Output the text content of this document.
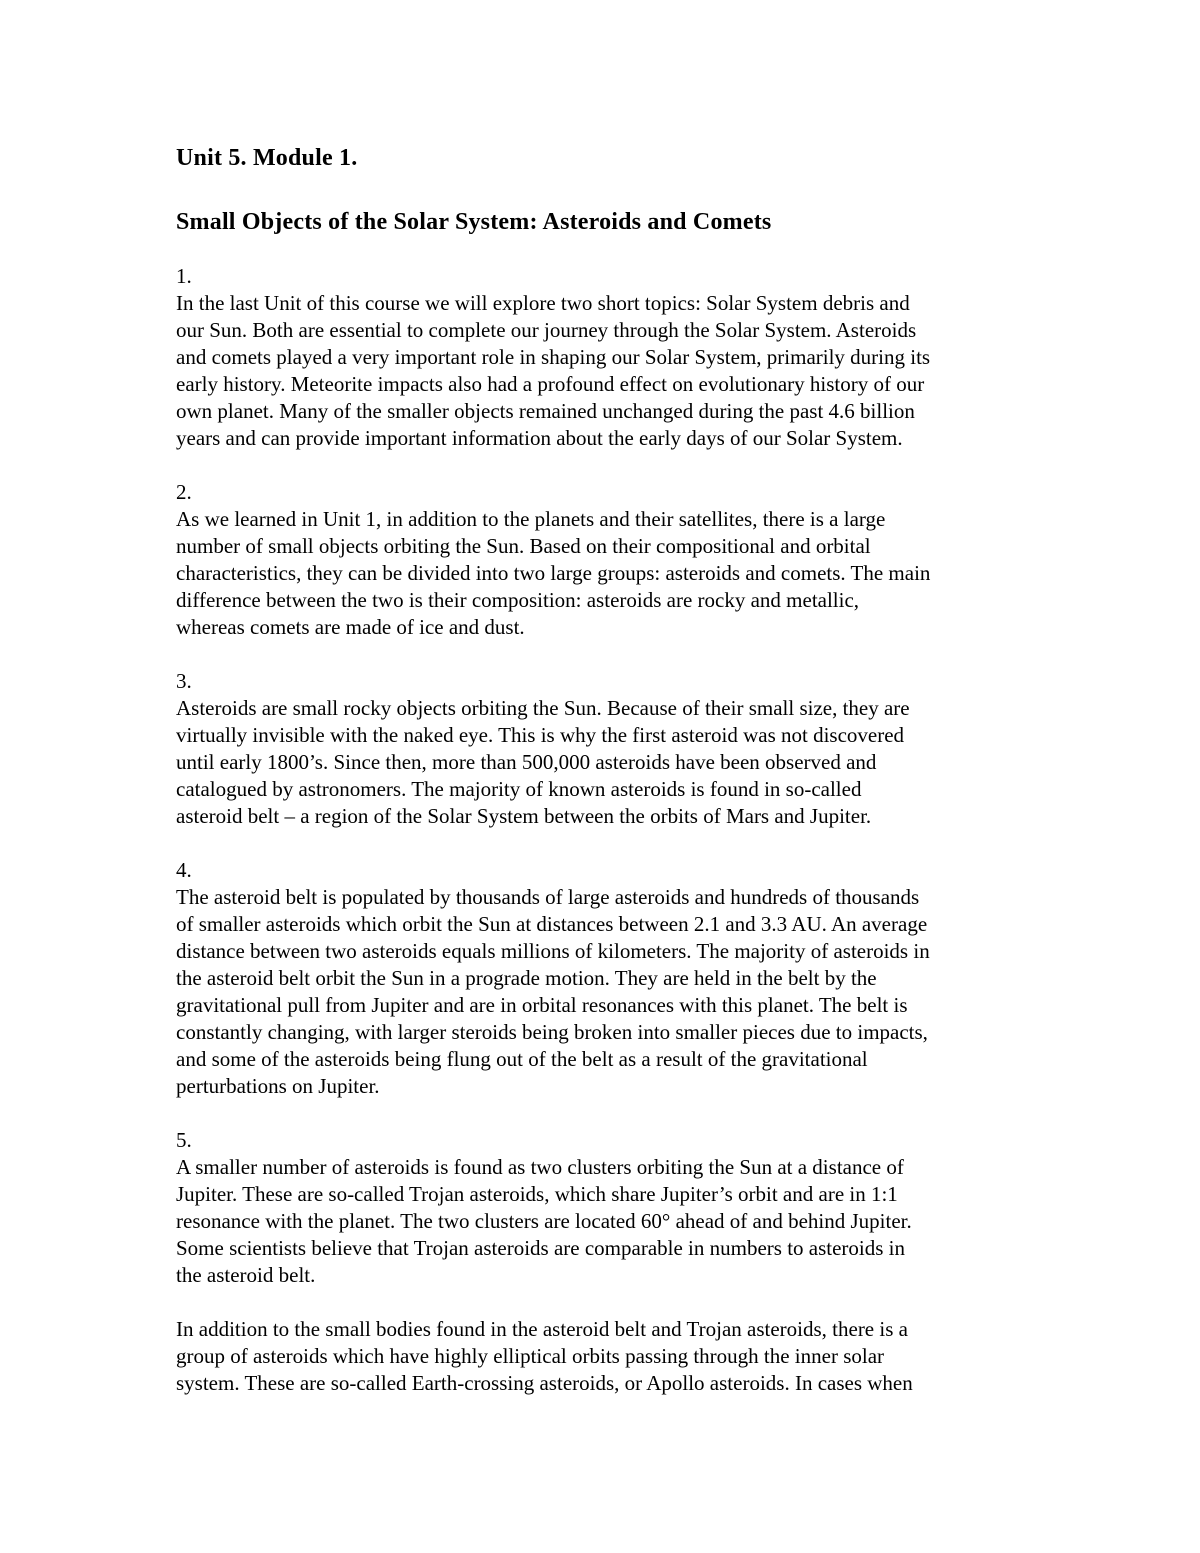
Unit 5. Module 1.
Small Objects of the Solar System: Asteroids and Comets

1.

In the last Unit of this course we will explore two short topics: Solar System debris and
our Sun. Both are essential to complete our journey through the Solar System. Asteroids
and comets played a very important role in shaping our Solar System, primarily during its
early history. Meteorite impacts also had a profound effect on evolutionary history of our
own planet. Many of the smaller objects remained unchanged during the past 4.6 billion
years and can provide important information about the early days of our Solar System.

2.

As we learned in Unit 1, in addition to the planets and their satellites, there is a large
number of small objects orbiting the Sun. Based on their compositional and orbital
characteristics, they can be divided into two large groups: asteroids and comets. The main
difference between the two is their composition: asteroids are rocky and metallic,
whereas comets are made of ice and dust.

3.

Asteroids are small rocky objects orbiting the Sun. Because of their small size, they are
virtually invisible with the naked eye. This is why the first asteroid was not discovered
until early 1800’s. Since then, more than 500,000 asteroids have been observed and
catalogued by astronomers. The majority of known asteroids is found in so-called
asteroid belt – a region of the Solar System between the orbits of Mars and Jupiter.

4.

The asteroid belt is populated by thousands of large asteroids and hundreds of thousands
of smaller asteroids which orbit the Sun at distances between 2.1 and 3.3 AU. An average
distance between two asteroids equals millions of kilometers. The majority of asteroids in
the asteroid belt orbit the Sun in a prograde motion. They are held in the belt by the
gravitational pull from Jupiter and are in orbital resonances with this planet. The belt is
constantly changing, with larger steroids being broken into smaller pieces due to impacts,
and some of the asteroids being flung out of the belt as a result of the gravitational
perturbations on Jupiter.

5.

A smaller number of asteroids is found as two clusters orbiting the Sun at a distance of
Jupiter. These are so-called Trojan asteroids, which share Jupiter’s orbit and are in 1:1
resonance with the planet. The two clusters are located 60° ahead of and behind Jupiter.
Some scientists believe that Trojan asteroids are comparable in numbers to asteroids in
the asteroid belt.

In addition to the small bodies found in the asteroid belt and Trojan asteroids, there is a
group of asteroids which have highly elliptical orbits passing through the inner solar
system. These are so-called Earth-crossing asteroids, or Apollo asteroids. In cases when
